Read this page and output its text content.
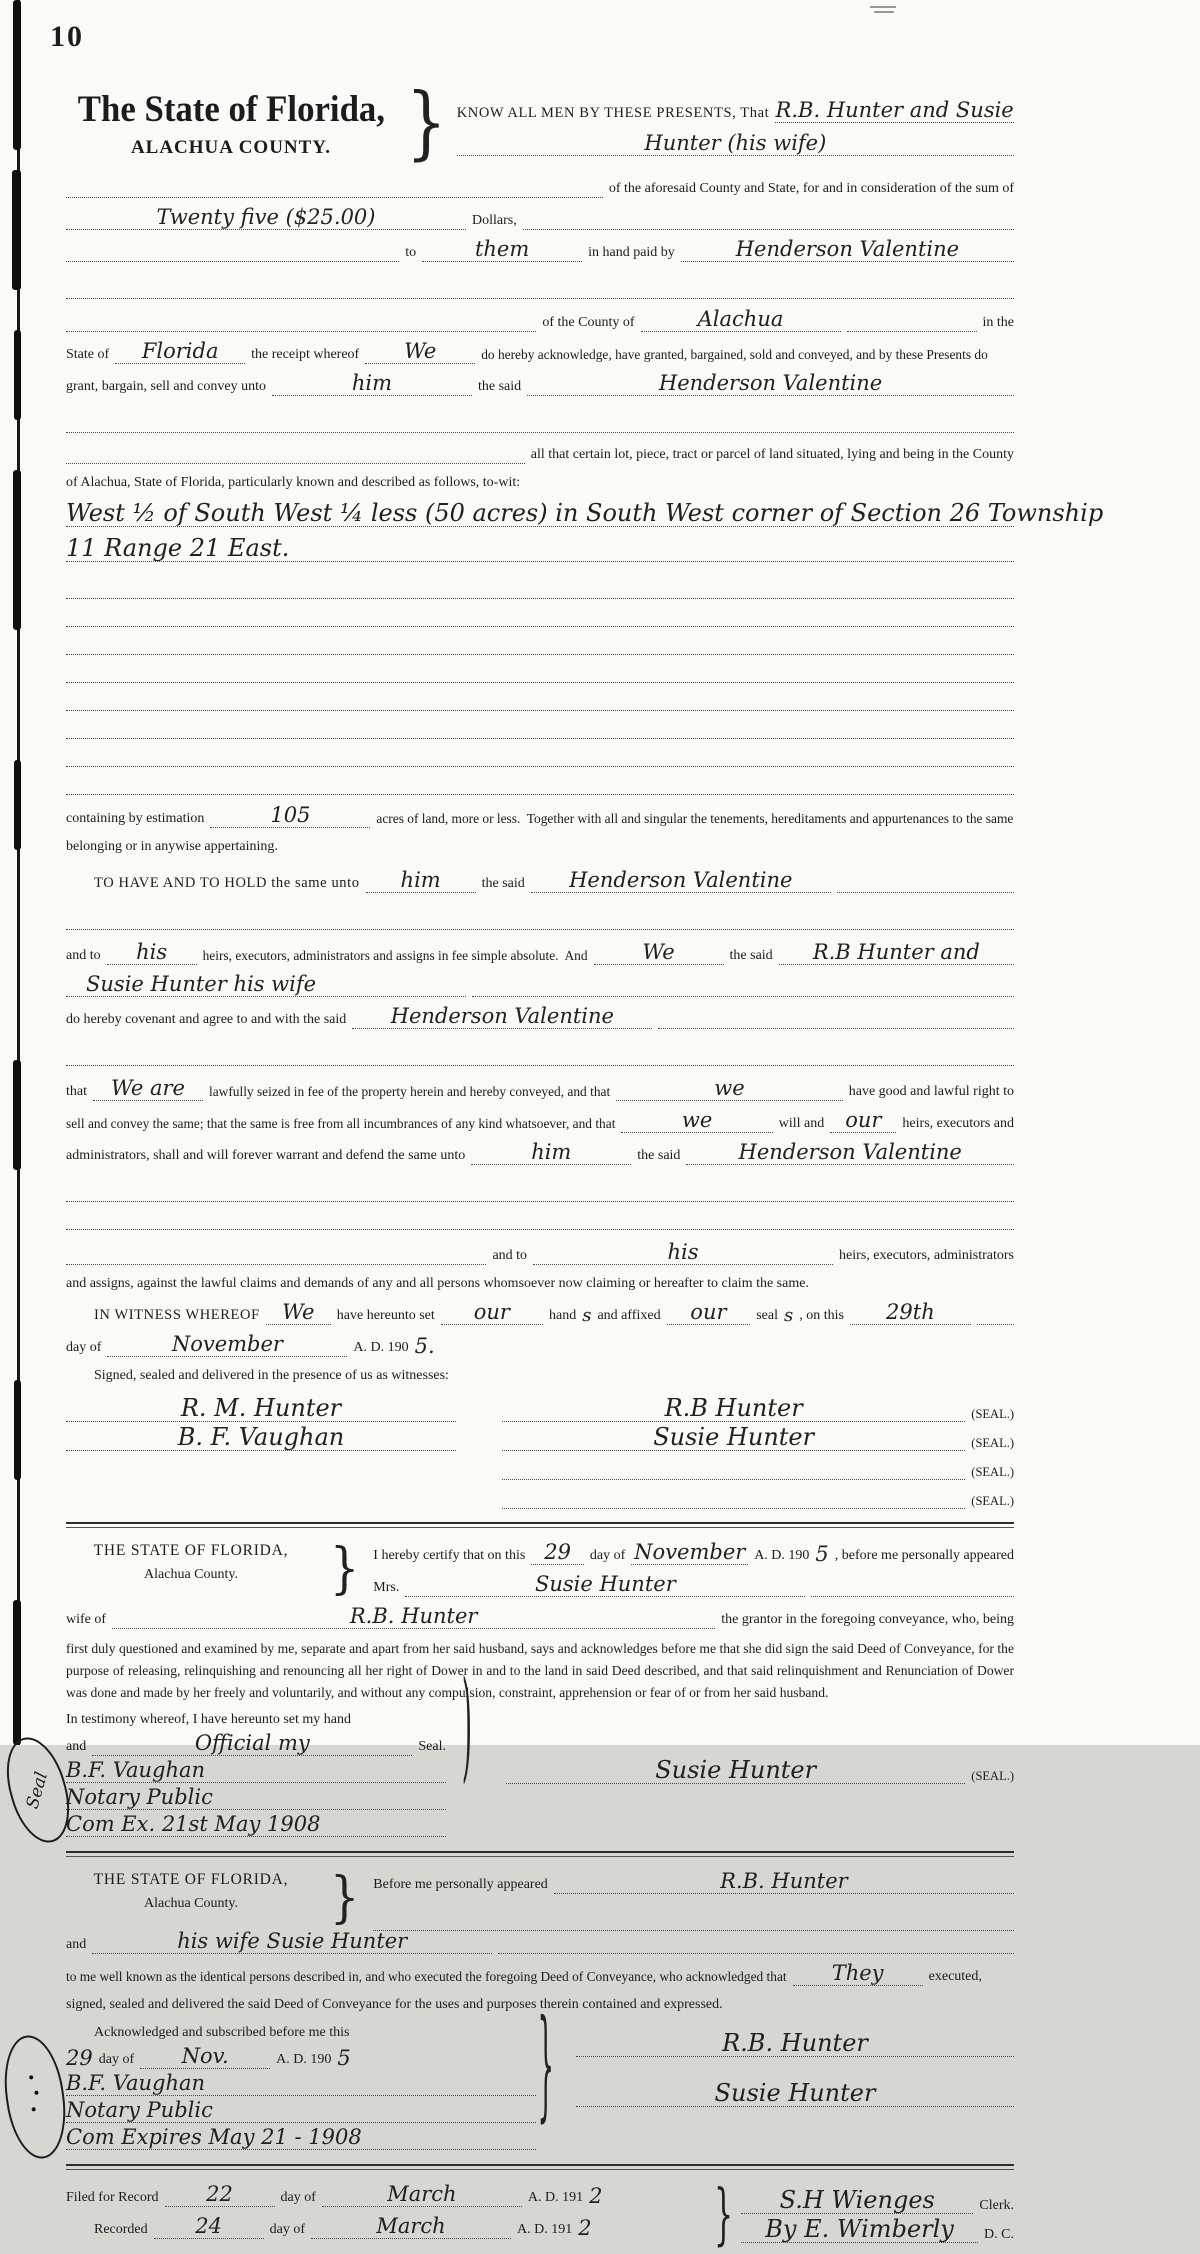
10
The State of Florida,
ALACHUA COUNTY.	} KNOW ALL MEN BY THESE PRESENTS, That R.B. Hunter and Susie
Hunter (his wife)
of the aforesaid County and State, for and in consideration of the sum of
Twenty five ($25.00)	Dollars,
to	them	in hand paid by	Henderson Valentine
of the County of	Alachua	in the
State of	Florida	the receipt whereof	We	do hereby acknowledge, have granted, bargained, sold and conveyed, and by these Presents do
grant, bargain, sell and convey unto	him	the said	Henderson Valentine
all that certain lot, piece, tract or parcel of land situated, lying and being in the County
of Alachua, State of Florida, particularly known and described as follows, to-wit:
West ½ of South West ¼ less (50 acres) in South West corner of Section 26 Township
11 Range 21 East.
containing by estimation	105	acres of land, more or less.  Together with all and singular the tenements, hereditaments and appurtenances to the same
belonging or in anywise appertaining.
TO HAVE AND TO HOLD the same unto	him	the said	Henderson Valentine
and to	his	heirs, executors, administrators and assigns in fee simple absolute.  And	We	the said	R.B Hunter and
Susie Hunter his wife
do hereby covenant and agree to and with the said	Henderson Valentine
that	We are	lawfully seized in fee of the property herein and hereby conveyed, and that	we	have good and lawful right to
sell and convey the same; that the same is free from all incumbrances of any kind whatsoever, and that	we	will and our	heirs, executors and
administrators, shall and will forever warrant and defend the same unto	him	the said	Henderson Valentine
and to	his	heirs, executors, administrators
and assigns, against the lawful claims and demands of any and all persons whomsoever now claiming or hereafter to claim the same.
IN WITNESS WHEREOF	We	have hereunto set	our	hand s and affixed	our	seal s , on this	29th
day of	November	A. D. 190 5.
Signed, sealed and delivered in the presence of us as witnesses:
R. M. Hunter
B. F. Vaughan
R.B Hunter	(SEAL.)
Susie Hunter	(SEAL.)
(SEAL.)
(SEAL.)
THE STATE OF FLORIDA,
Alachua County.	} I hereby certify that on this 29	day of November A. D. 190 5 , before me personally appeared
Mrs.	Susie Hunter
wife of	R.B. Hunter	the grantor in the foregoing conveyance, who, being
first duly questioned and examined by me, separate and apart from her said husband, says and acknowledges before me that she did sign the said Deed of Conveyance, for the purpose of releasing, relinquishing and renouncing all her right of Dower in and to the land in said Deed described, and that said relinquishment and Renunciation of Dower was done and made by her freely and voluntarily, and without any compulsion, constraint, apprehension or fear of or from her said husband.
Seal	)
In testimony whereof, I have hereunto set my hand
and	Official my	Seal.
B.F. Vaughan
Notary Public
Com Ex. 21st May 1908
Susie Hunter	(SEAL.)
THE STATE OF FLORIDA,
Alachua County.	} Before me personally appeared	R.B. Hunter
and	his wife Susie Hunter
to me well known as the identical persons described in, and who executed the foregoing Deed of Conveyance, who acknowledged that	They	executed,
signed, sealed and delivered the said Deed of Conveyance for the uses and purposes therein contained and expressed.
}
Acknowledged and subscribed before me this
29 day of	Nov.	A. D. 190 5
B.F. Vaughan
Notary Public
Com Expires May 21 - 1908
R.B. Hunter
Susie Hunter
Filed for Record	22	day of	March	A. D. 191 2
Recorded	24	day of	March	A. D. 191 2	}	S.H Wienges	Clerk.
By E. Wimberly	D. C.
